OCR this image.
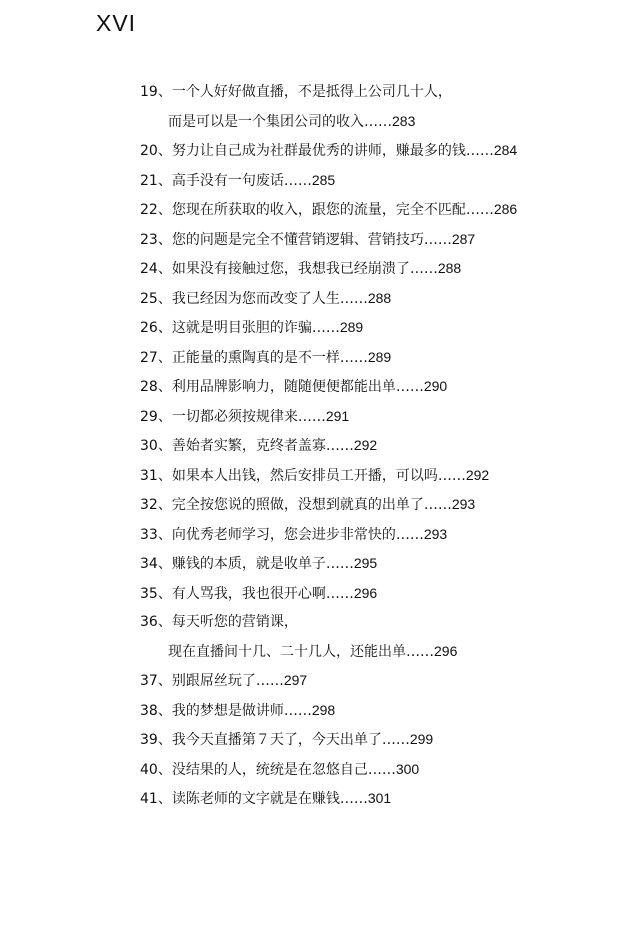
XVI
19、一个人好好做直播，不是抵得上公司几十人，
而是可以是一个集团公司的收入……283
20、努力让自己成为社群最优秀的讲师，赚最多的钱……284
21、高手没有一句废话……285
22、您现在所获取的收入，跟您的流量，完全不匹配……286
23、您的问题是完全不懂营销逻辑、营销技巧……287
24、如果没有接触过您，我想我已经崩溃了……288
25、我已经因为您而改变了人生……288
26、这就是明目张胆的诈骗……289
27、正能量的熏陶真的是不一样……289
28、利用品牌影响力，随随便便都能出单……290
29、一切都必须按规律来……291
30、善始者实繁，克终者盖寡……292
31、如果本人出钱，然后安排员工开播，可以吗……292
32、完全按您说的照做，没想到就真的出单了……293
33、向优秀老师学习，您会进步非常快的……293
34、赚钱的本质，就是收单子……295
35、有人骂我，我也很开心啊……296
36、每天听您的营销课，
现在直播间十几、二十几人，还能出单……296
37、别跟屌丝玩了……297
38、我的梦想是做讲师……298
39、我今天直播第７天了，今天出单了……299
40、没结果的人，统统是在忽悠自己……300
41、读陈老师的文字就是在赚钱……301
